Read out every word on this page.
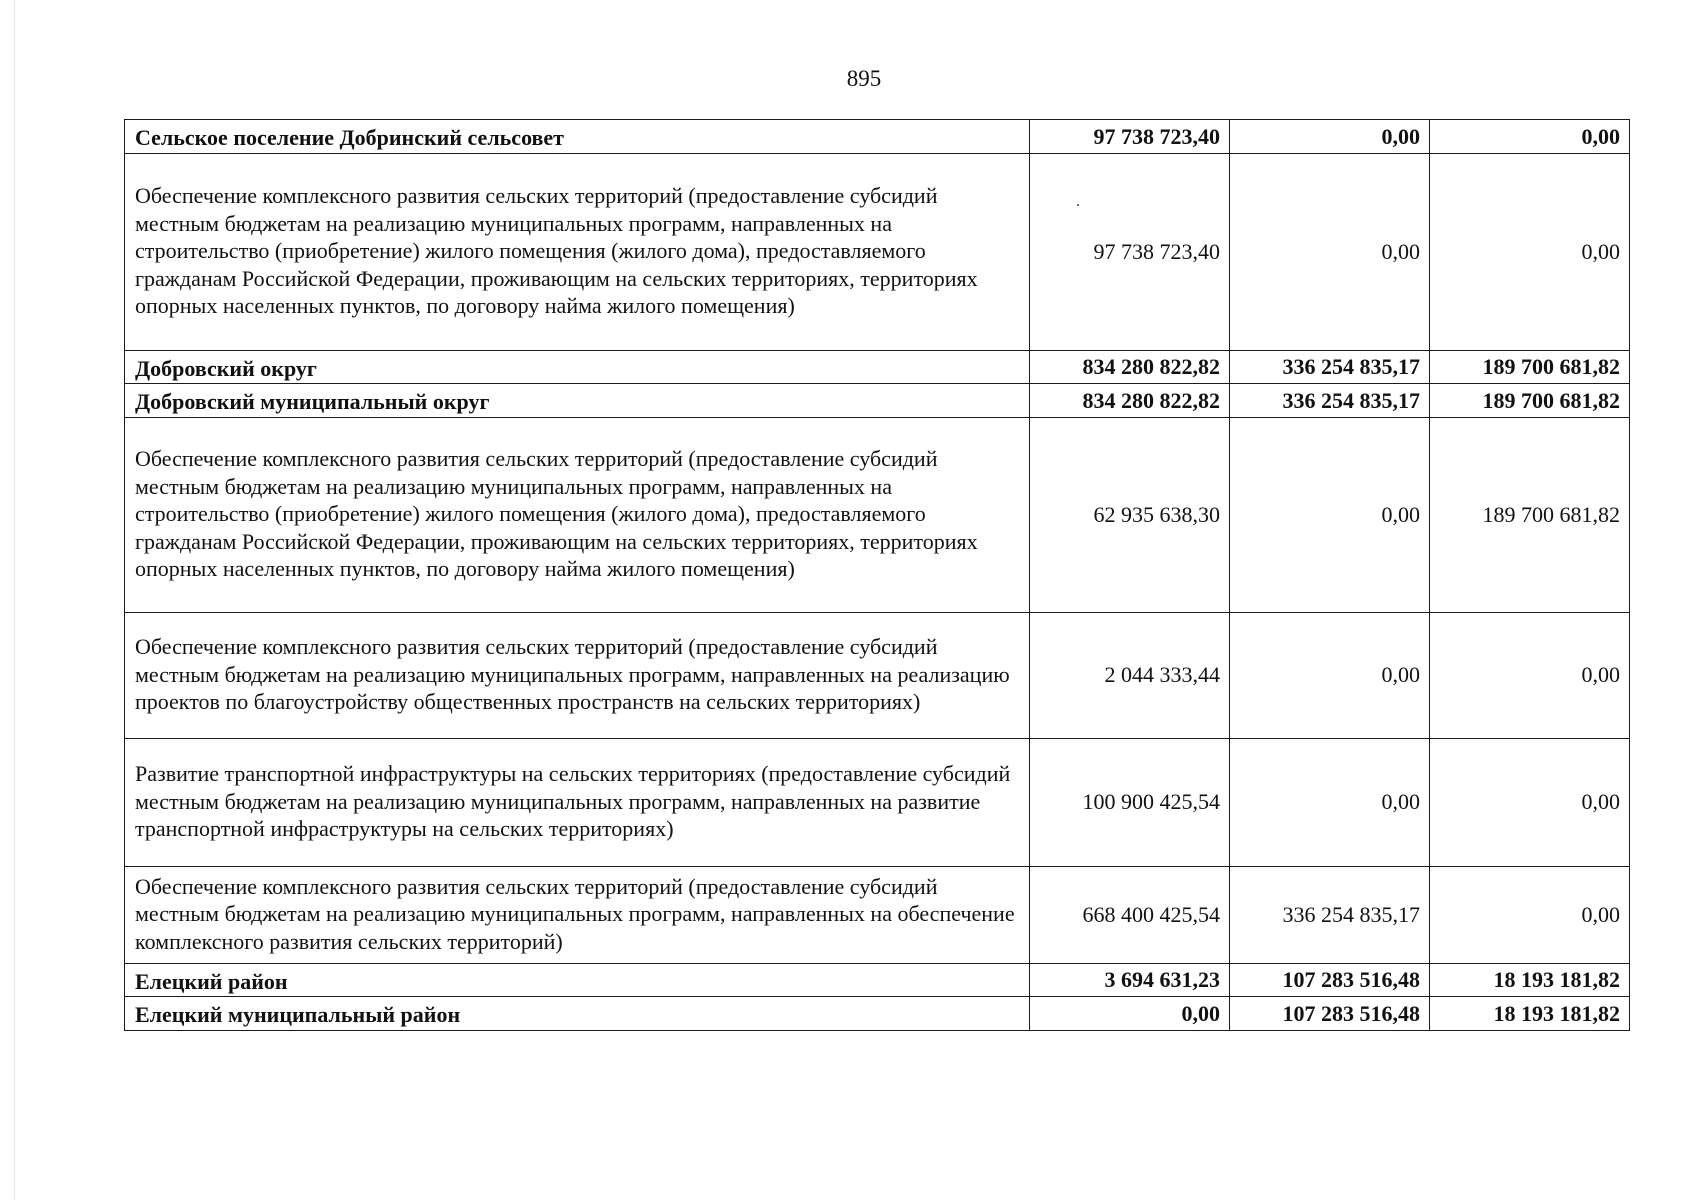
895
Сельское поселение Добринский сельсовет	97 738 723,40	0,00	0,00
Обеспечение комплексного развития сельских территорий (предоставление субсидий местным бюджетам на реализацию муниципальных программ, направленных на строительство (приобретение) жилого помещения (жилого дома), предоставляемого гражданам Российской Федерации, проживающим на сельских территориях, территориях опорных населенных пунктов, по договору найма жилого помещения)	97 738 723,40	0,00	0,00
Добровский округ	834 280 822,82	336 254 835,17	189 700 681,82
Добровский муниципальный округ	834 280 822,82	336 254 835,17	189 700 681,82
Обеспечение комплексного развития сельских территорий (предоставление субсидий местным бюджетам на реализацию муниципальных программ, направленных на строительство (приобретение) жилого помещения (жилого дома), предоставляемого гражданам Российской Федерации, проживающим на сельских территориях, территориях опорных населенных пунктов, по договору найма жилого помещения)	62 935 638,30	0,00	189 700 681,82
Обеспечение комплексного развития сельских территорий (предоставление субсидий местным бюджетам на реализацию муниципальных программ, направленных на реализацию проектов по благоустройству общественных пространств на сельских территориях)	2 044 333,44	0,00	0,00
Развитие транспортной инфраструктуры на сельских территориях (предоставление субсидий местным бюджетам на реализацию муниципальных программ, направленных на развитие транспортной инфраструктуры на сельских территориях)	100 900 425,54	0,00	0,00
Обеспечение комплексного развития сельских территорий (предоставление субсидий местным бюджетам на реализацию муниципальных программ, направленных на обеспечение комплексного развития сельских территорий)	668 400 425,54	336 254 835,17	0,00
Елецкий район	3 694 631,23	107 283 516,48	18 193 181,82
Елецкий муниципальный район	0,00	107 283 516,48	18 193 181,82
